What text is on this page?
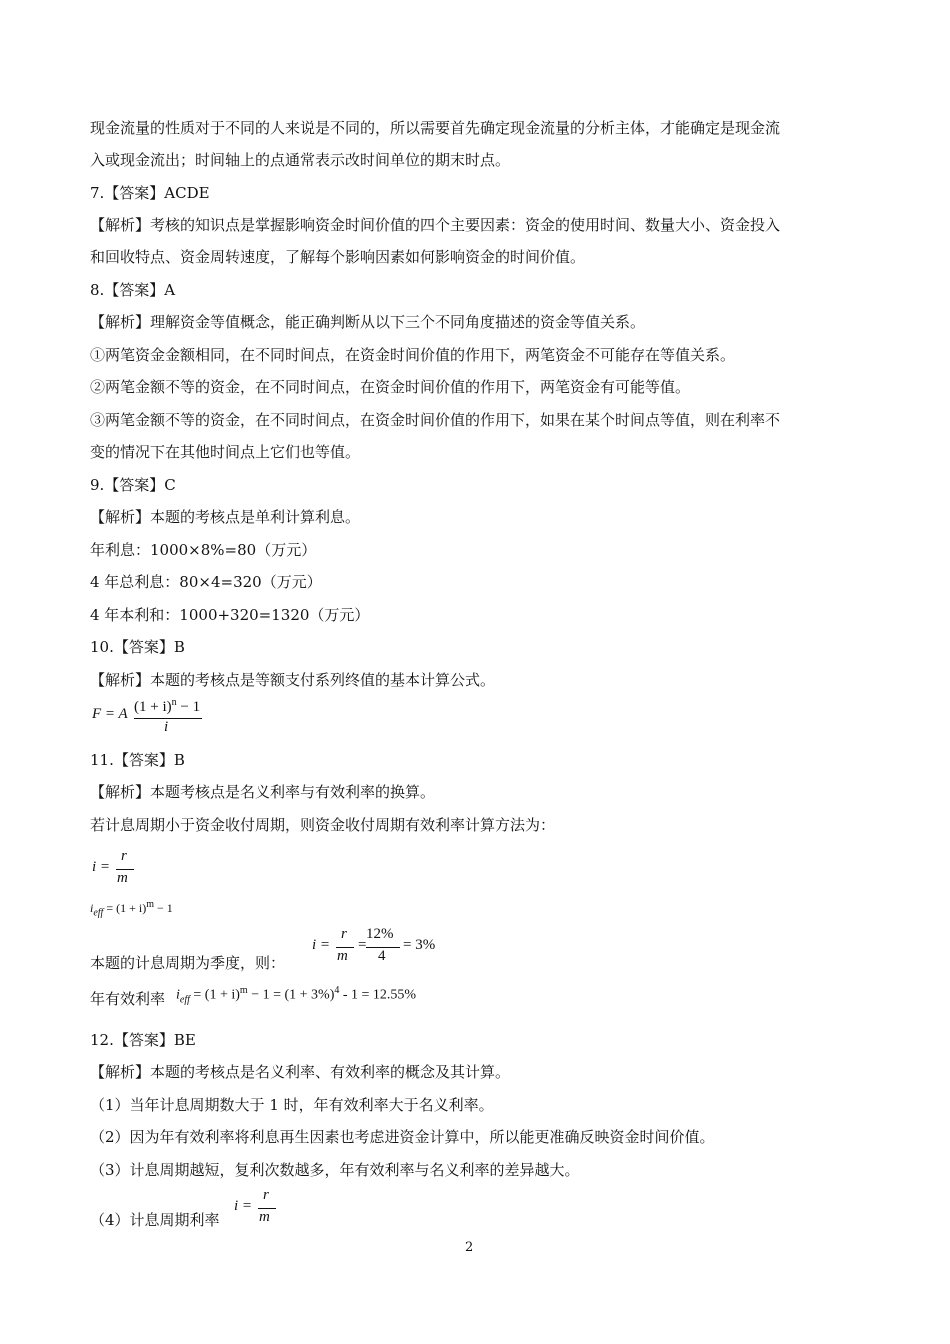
现金流量的性质对于不同的人来说是不同的，所以需要首先确定现金流量的分析主体，才能确定是现金流
入或现金流出；时间轴上的点通常表示改时间单位的期末时点。
7.【答案】ACDE
【解析】考核的知识点是掌握影响资金时间价值的四个主要因素：资金的使用时间、数量大小、资金投入
和回收特点、资金周转速度，了解每个影响因素如何影响资金的时间价值。
8.【答案】A
【解析】理解资金等值概念，能正确判断从以下三个不同角度描述的资金等值关系。
①两笔资金金额相同，在不同时间点，在资金时间价值的作用下，两笔资金不可能存在等值关系。
②两笔金额不等的资金，在不同时间点，在资金时间价值的作用下，两笔资金有可能等值。
③两笔金额不等的资金，在不同时间点，在资金时间价值的作用下，如果在某个时间点等值，则在利率不
变的情况下在其他时间点上它们也等值。
9.【答案】C
【解析】本题的考核点是单利计算利息。
年利息：1000×8%=80（万元）
4 年总利息：80×4=320（万元）
4 年本利和：1000+320=1320（万元）
10.【答案】B
【解析】本题的考核点是等额支付系列终值的基本计算公式。
F = A $(1 + i)^n - 1$
i
11.【答案】B
【解析】本题考核点是名义利率与有效利率的换算。
若计息周期小于资金收付周期，则资金收付周期有效利率计算方法为：
i =
r
m
$i_{eff} = (1 + i)^m - 1$
本题的计息周期为季度，则：
i =
r
m
=
12%
4
= 3%
年有效利率 $i_{eff} = (1 + i)^m - 1 = (1 + 3\%)^4 - 1 = 12.55\%$
12.【答案】BE
【解析】本题的考核点是名义利率、有效利率的概念及其计算。
（1）当年计息周期数大于 1 时，年有效利率大于名义利率。
（2）因为年有效利率将利息再生因素也考虑进资金计算中，所以能更准确反映资金时间价值。
（3）计息周期越短，复利次数越多，年有效利率与名义利率的差异越大。
（4）计息周期利率
i =
r
m
2
